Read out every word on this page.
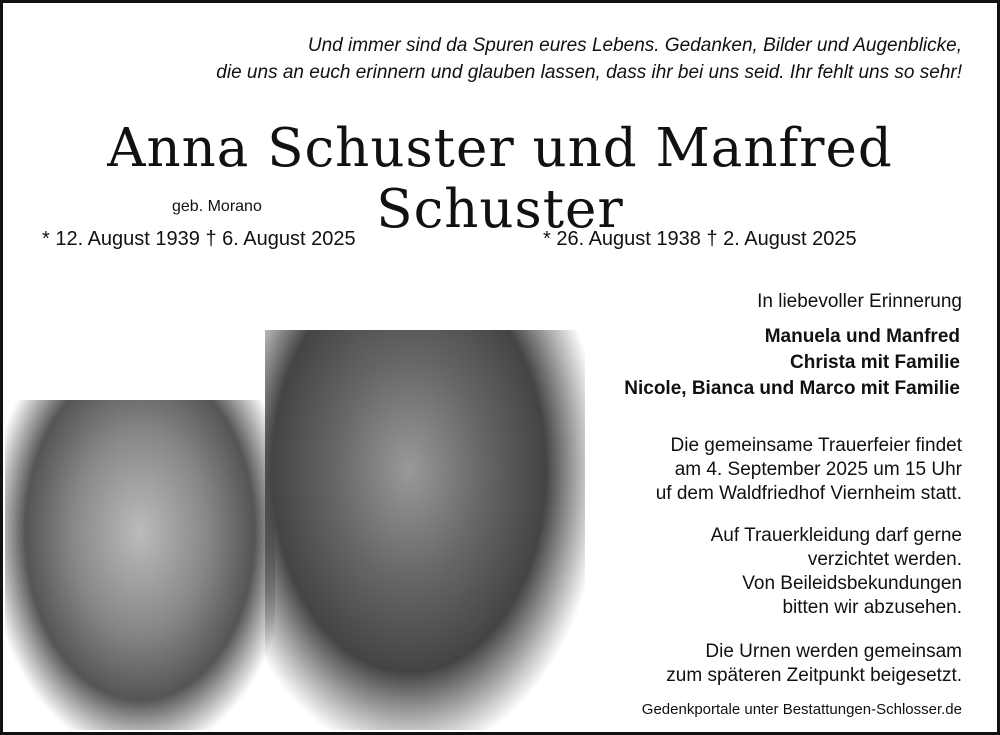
Und immer sind da Spuren eures Lebens. Gedanken, Bilder und Augenblicke,
die uns an euch erinnern und glauben lassen, dass ihr bei uns seid. Ihr fehlt uns so sehr!
Anna Schuster und Manfred Schuster
geb. Morano
* 12. August 1939 † 6. August 2025	* 26. August 1938 † 2. August 2025
In liebevoller Erinnerung
Manuela und Manfred
Christa mit Familie
Nicole, Bianca und Marco mit Familie
Die gemeinsame Trauerfeier findet
am 4. September 2025 um 15 Uhr
uf dem Waldfriedhof Viernheim statt.
Auf Trauerkleidung darf gerne
verzichtet werden.
Von Beileidsbekundungen
bitten wir abzusehen.
Die Urnen werden gemeinsam
zum späteren Zeitpunkt beigesetzt.
Gedenkportale unter Bestattungen-Schlosser.de
